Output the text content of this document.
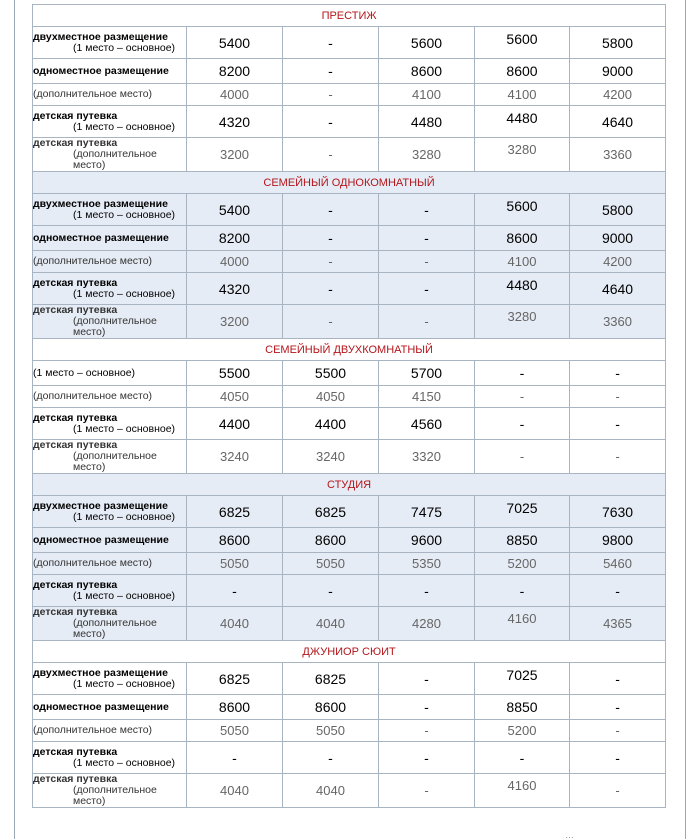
ПРЕСТИЖ					

двухместное размещение
(1 место – основное)	5400	-	5600	5600	5800

одноместное размещение	8200	-	8600	8600	9000

(дополнительное место)	4000	-	4100	4100	4200

детская путевка
(1 место – основное)	4320	-	4480	4480	4640

детская путевка
(дополнительное место)	3200	-	3280	3280	3360
СЕМЕЙНЫЙ ОДНОКОМНАТНЫЙ					

двухместное размещение
(1 место – основное)	5400	-	-	5600	5800

одноместное размещение	8200	-	-	8600	9000

(дополнительное место)	4000	-	-	4100	4200

детская путевка
(1 место – основное)	4320	-	-	4480	4640

детская путевка
(дополнительное место)	3200	-	-	3280	3360
СЕМЕЙНЫЙ ДВУХКОМНАТНЫЙ					

(1 место – основное)	5500	5500	5700	-	-

(дополнительное место)	4050	4050	4150	-	-

детская путевка
(1 место – основное)	4400	4400	4560	-	-

детская путевка
(дополнительное место)	3240	3240	3320	-	-
СТУДИЯ					

двухместное размещение
(1 место – основное)	6825	6825	7475	7025	7630

одноместное размещение	8600	8600	9600	8850	9800

(дополнительное место)	5050	5050	5350	5200	5460

детская путевка
(1 место – основное)	-	-	-	-	-

детская путевка
(дополнительное место)	4040	4040	4280	4160	4365
ДЖУНИОР СЮИТ					

двухместное размещение
(1 место – основное)	6825	6825	-	7025	-

одноместное размещение	8600	8600	-	8850	-

(дополнительное место)	5050	5050	-	5200	-

детская путевка
(1 место – основное)	-	-	-	-	-

детская путевка
(дополнительное место)	4040	4040	-	4160	-
…
